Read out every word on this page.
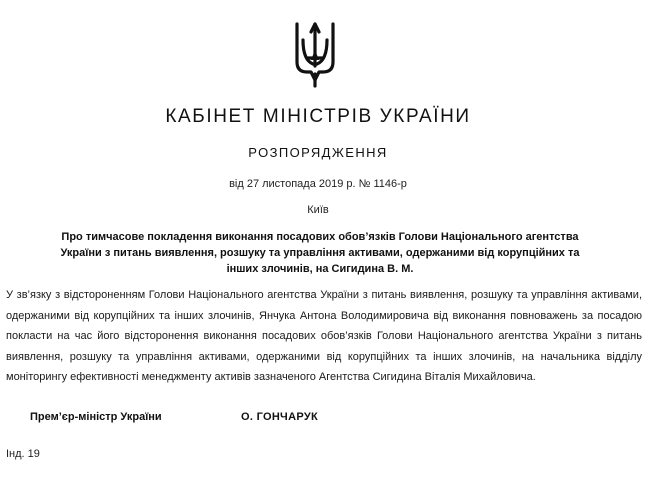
КАБІНЕТ МІНІСТРІВ УКРАЇНИ
РОЗПОРЯДЖЕННЯ
від 27 листопада 2019 р. № 1146-р
Київ
Про тимчасове покладення виконання посадових обов’язків Голови Національного агентства України з питань виявлення, розшуку та управління активами, одержаними від корупційних та інших злочинів, на Сигидина В. М.
У зв’язку з відстороненням Голови Національного агентства України з питань виявлення, розшуку та управління активами, одержаними від корупційних та інших злочинів, Янчука Антона Володимировича від виконання повноважень за посадою покласти на час його відсторонення виконання посадових обов’язків Голови Національного агентства України з питань виявлення, розшуку та управління активами, одержаними від корупційних та інших злочинів, на начальника відділу моніторингу ефективності менеджменту активів зазначеного Агентства Сигидина Віталія Михайловича.
Прем’єр-міністр України	О. ГОНЧАРУК
Інд. 19
